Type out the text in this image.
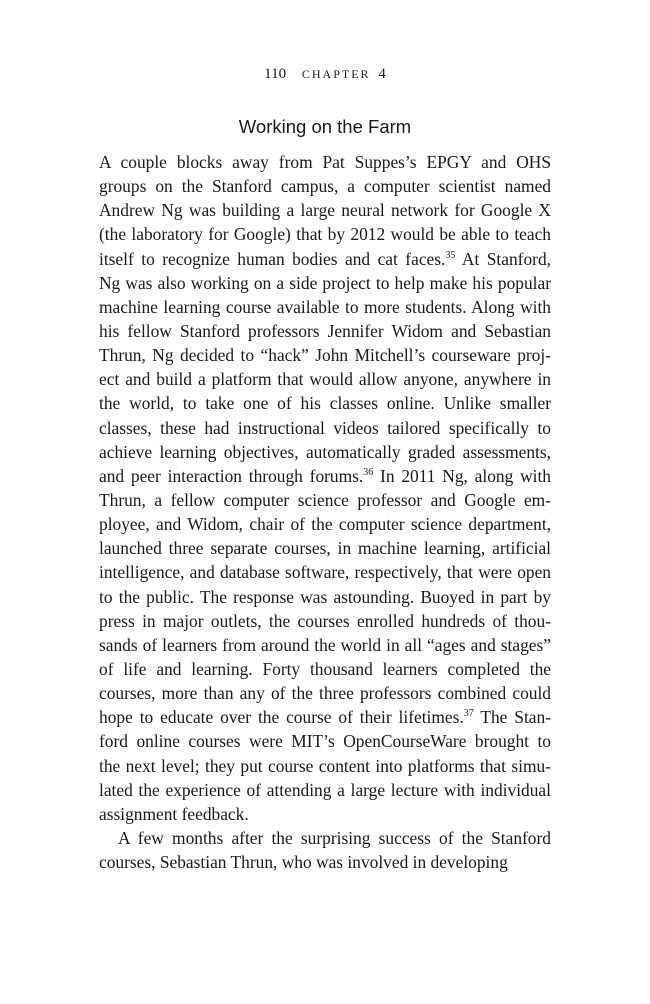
110 CHAPTER 4
Working on the Farm
A couple blocks away from Pat Suppes’s EPGY and OHS
groups on the Stanford campus, a computer scientist named
Andrew Ng was building a large neural network for Google X
(the laboratory for Google) that by 2012 would be able to teach
itself to recognize human bodies and cat faces.$^{35}$ At Stanford,
Ng was also working on a side project to help make his popular
machine learning course available to more students. Along with
his fellow Stanford professors Jennifer Widom and Sebastian
Thrun, Ng decided to “hack” John Mitchell’s courseware proj-
ect and build a platform that would allow anyone, anywhere in
the world, to take one of his classes online. Unlike smaller
classes, these had instructional videos tailored specifically to
achieve learning objectives, automatically graded assessments,
and peer interaction through forums.$^{36}$ In 2011 Ng, along with
Thrun, a fellow computer science professor and Google em-
ployee, and Widom, chair of the computer science department,
launched three separate courses, in machine learning, artificial
intelligence, and database software, respectively, that were open
to the public. The response was astounding. Buoyed in part by
press in major outlets, the courses enrolled hundreds of thou-
sands of learners from around the world in all “ages and stages”
of life and learning. Forty thousand learners completed the
courses, more than any of the three professors combined could
hope to educate over the course of their lifetimes.$^{37}$ The Stan-
ford online courses were MIT’s OpenCourseWare brought to
the next level; they put course content into platforms that simu-
lated the experience of attending a large lecture with individual
assignment feedback.
A few months after the surprising success of the Stanford
courses, Sebastian Thrun, who was involved in developing
